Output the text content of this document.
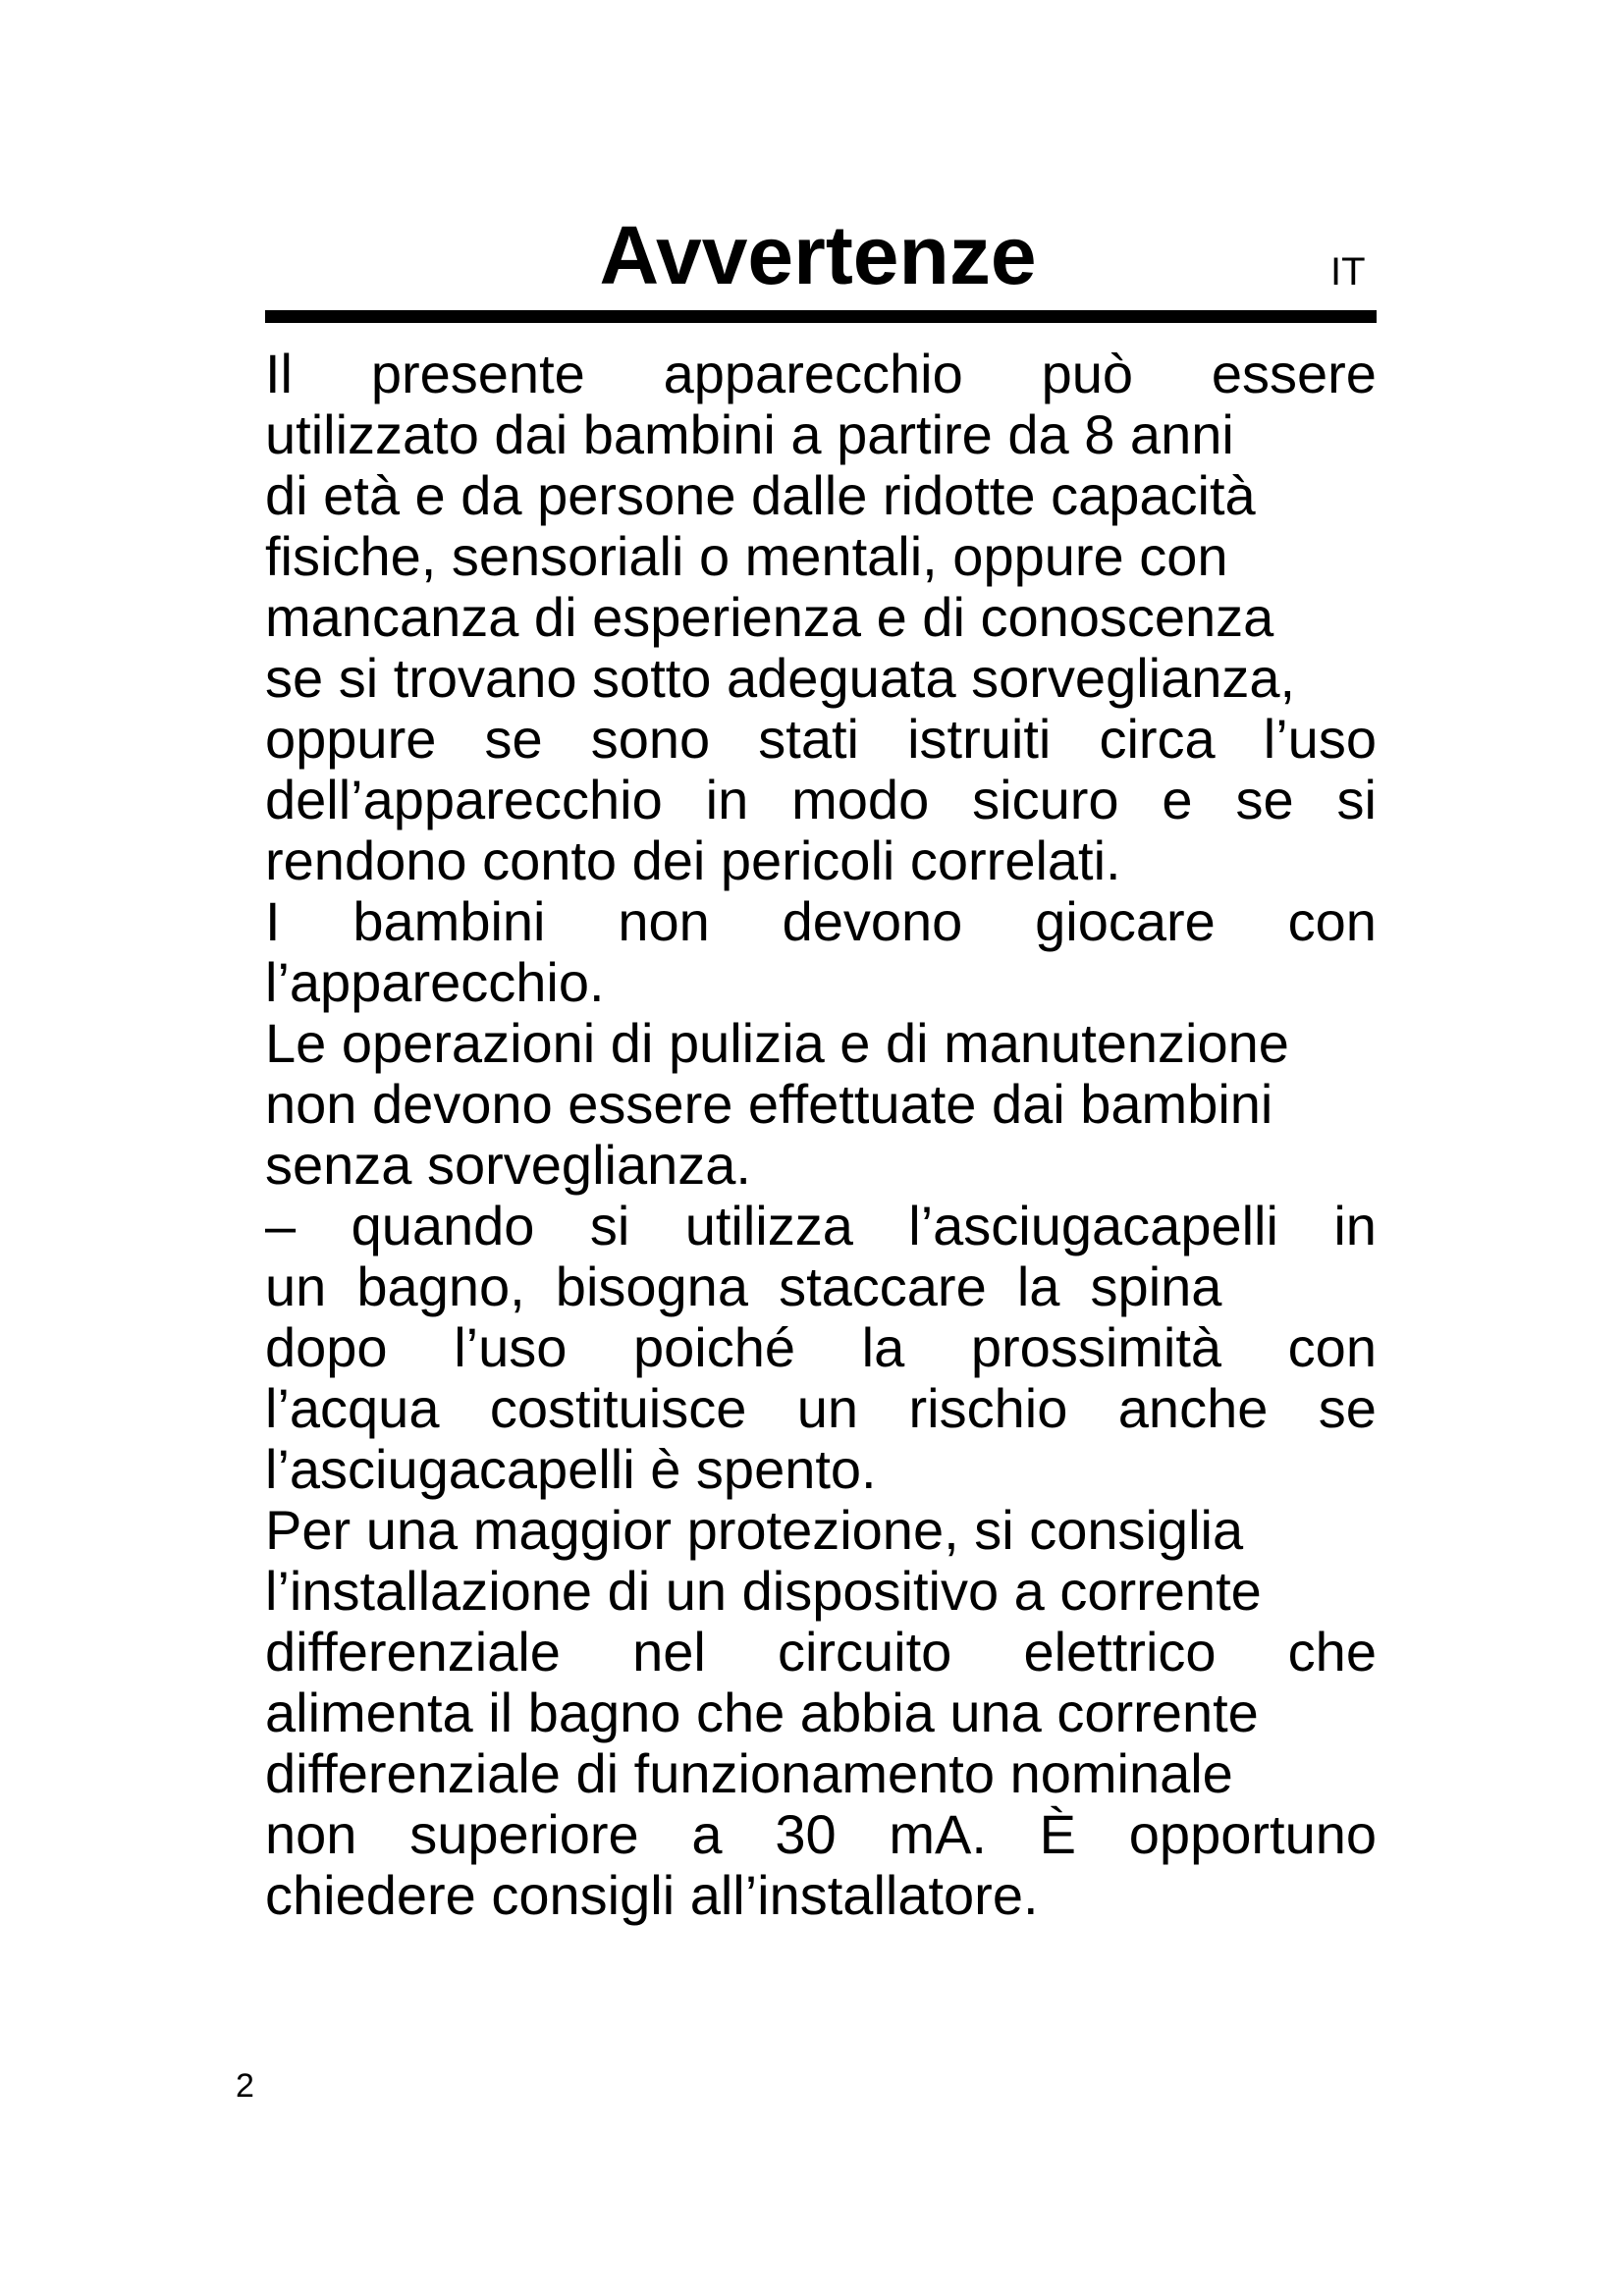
Avvertenze	IT
Il presente apparecchio può essere
utilizzato dai bambini a partire da 8 anni
di età e da persone dalle ridotte capacità
fisiche, sensoriali o mentali, oppure con
mancanza di esperienza e di conoscenza
se si trovano sotto adeguata sorveglianza,
oppure se sono stati istruiti circa l’uso
dell’apparecchio in modo sicuro e se si
rendono conto dei pericoli correlati.
I bambini non devono giocare con
l’apparecchio.
Le operazioni di pulizia e di manutenzione
non devono essere effettuate dai bambini
senza sorveglianza.
– quando si utilizza l’asciugacapelli in
un  bagno,  bisogna  staccare  la  spina
dopo l’uso poiché la prossimità con
l’acqua costituisce un rischio anche se
l’asciugacapelli è spento.
Per una maggior protezione, si consiglia
l’installazione di un dispositivo a corrente
differenziale nel circuito elettrico che
alimenta il bagno che abbia una corrente
differenziale di funzionamento nominale
non superiore a 30 mA. È opportuno
chiedere consigli all’installatore.
2
